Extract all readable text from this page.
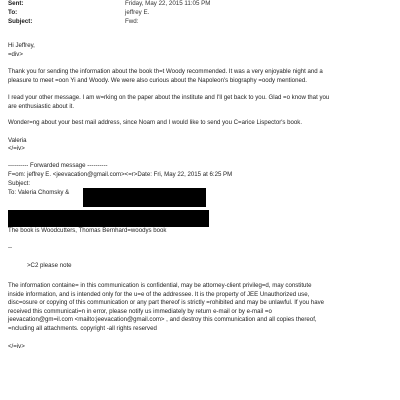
Sent:	Friday, May 22, 2015 11:05 PM
To:	jeffrey E.
Subject:	Fwd:
Hi Jeffrey,
=div>
Thank you for sending the information about the book th=t Woody recommended. It was a very enjoyable night and a
pleasure to meet =oon Yi and Woody. We were also curious about the Napoleon's biography =oody mentioned.
I read your other message. I am w=rking on the paper about the institute and I'll get back to you. Glad =o know that you
are enthusiastic about it.
Wonder=ng about your best mail address, since Noam and I would like to send you C=arice Lispector's book.
Valeria
</=iv>
---------- Forwarded message ----------
F=om: jeffrey E. <jeevacation@gmail.com><=r>Date: Fri, May 22, 2015 at 6:25 PM
Subject:
To: Valeria Chomsky &
The book is Woodcutters, Thomas Bernhard=woodys book
--
>C2 please note
The information containe= in this communication is confidential, may be attorney-client privileg=d, may constitute
inside information, and is intended only for the u=e of the addressee. It is the property of JEE Unauthorized use,
disc=osure or copying of this communication or any part thereof is strictly =rohibited and may be unlawful. If you have
received this communicati=n in error, please notify us immediately by return e-mail or by e-mail =o
jeevacation@gm=il.com <mailto:jeevacation@gmail.com> , and destroy this communication and all copies thereof,
=ncluding all attachments. copyright -all rights reserved
</=iv>
